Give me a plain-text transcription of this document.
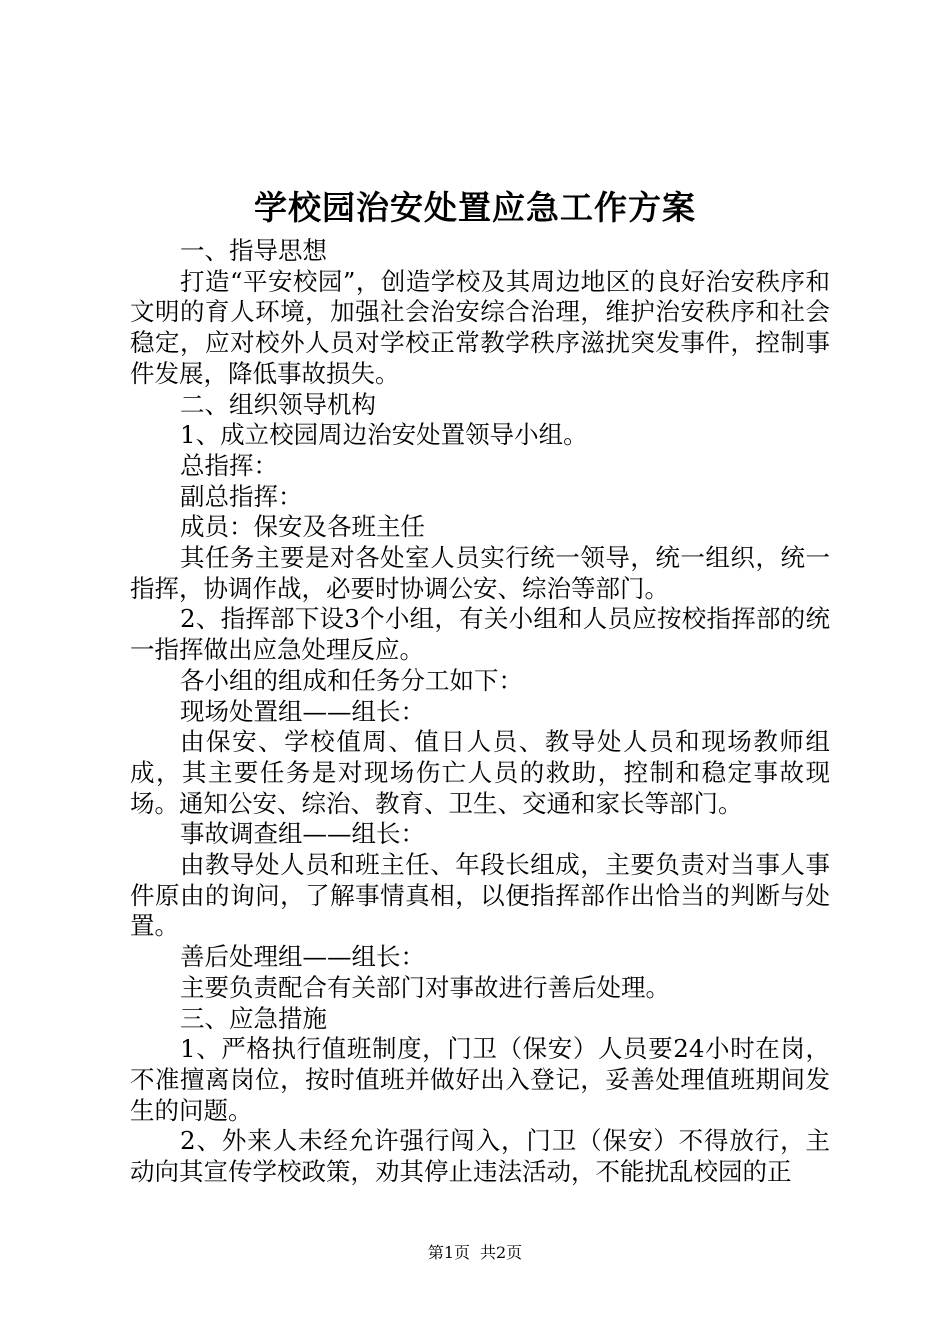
学校园治安处置应急工作方案

一、指导思想

打造“平安校园”，创造学校及其周边地区的良好治安秩序和文明的育人环境，加强社会治安综合治理，维护治安秩序和社会稳定，应对校外人员对学校正常教学秩序滋扰突发事件，控制事件发展，降低事故损失。

二、组织领导机构

1、成立校园周边治安处置领导小组。

总指挥：

副总指挥：

成员：保安及各班主任

其任务主要是对各处室人员实行统一领导，统一组织，统一指挥，协调作战，必要时协调公安、综治等部门。

2、指挥部下设3个小组，有关小组和人员应按校指挥部的统一指挥做出应急处理反应。

各小组的组成和任务分工如下：

现场处置组——组长：

由保安、学校值周、值日人员、教导处人员和现场教师组成，其主要任务是对现场伤亡人员的救助，控制和稳定事故现场。通知公安、综治、教育、卫生、交通和家长等部门。

事故调查组——组长：

由教导处人员和班主任、年段长组成，主要负责对当事人事件原由的询问，了解事情真相，以便指挥部作出恰当的判断与处置。

善后处理组——组长：

主要负责配合有关部门对事故进行善后处理。

三、应急措施

1、严格执行值班制度，门卫（保安）人员要24小时在岗，不准擅离岗位，按时值班并做好出入登记，妥善处理值班期间发生的问题。

2、外来人未经允许强行闯入，门卫（保安）不得放行，主动向其宣传学校政策，劝其停止违法活动，不能扰乱校园的正

第1页 共2页
